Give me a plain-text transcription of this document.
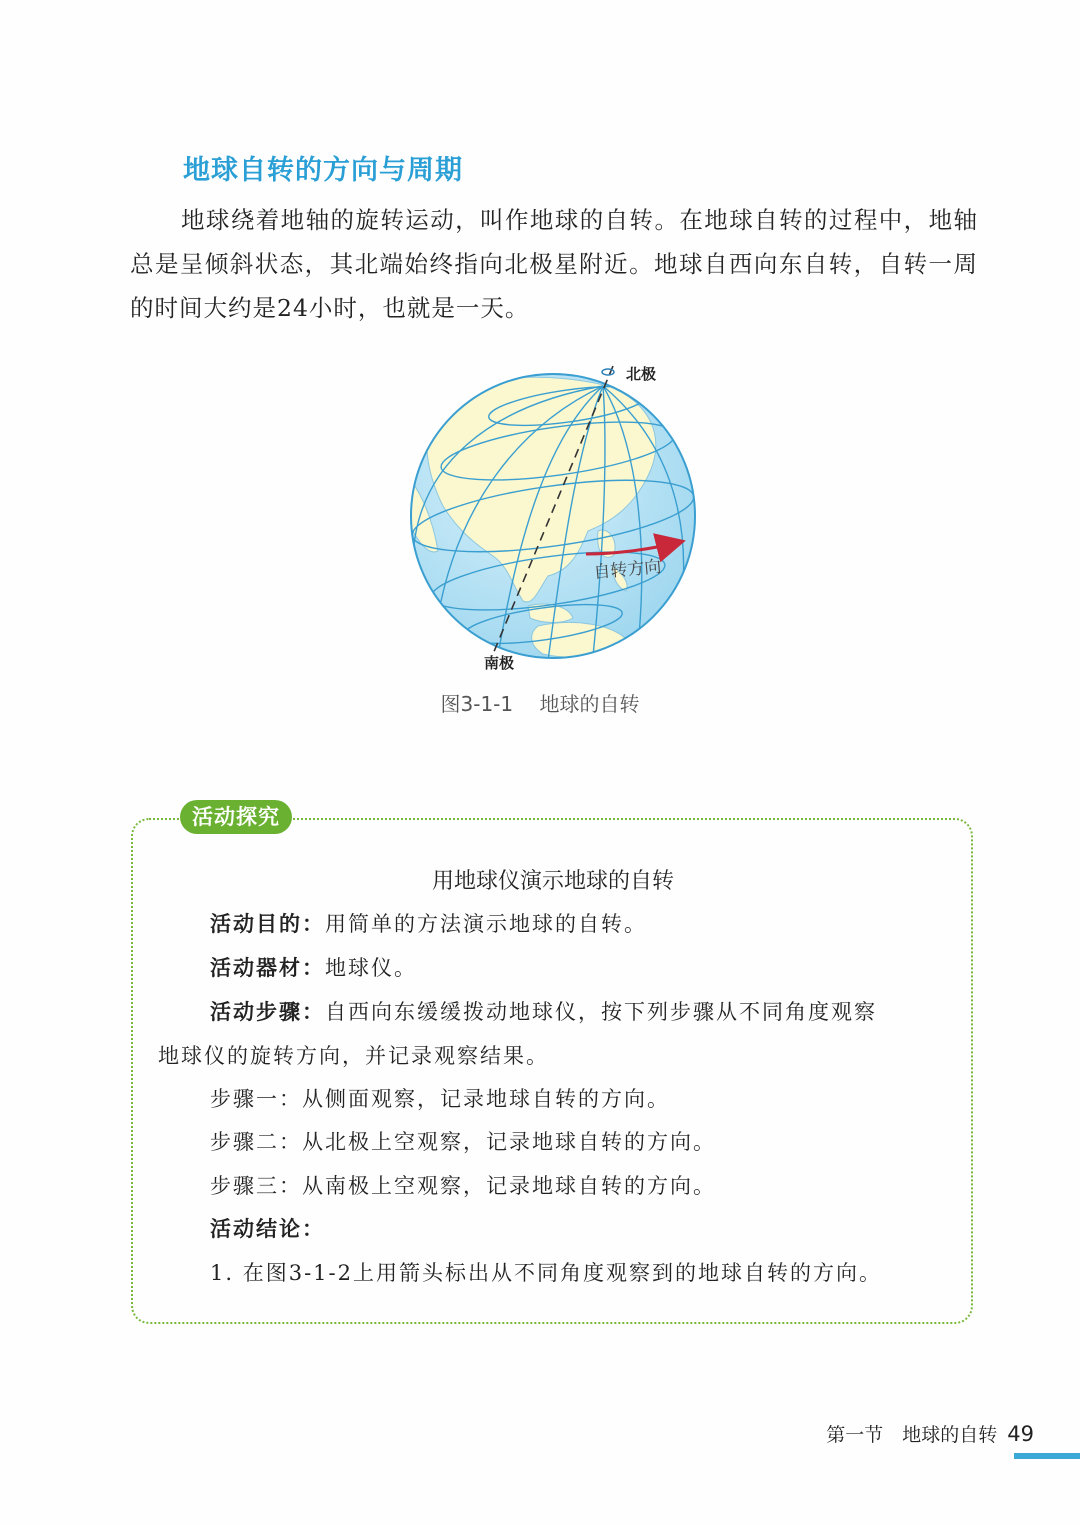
地球自转的方向与周期
地球绕着地轴的旋转运动，叫作地球的自转。在地球自转的过程中，地轴总是呈倾斜状态，其北端始终指向北极星附近。地球自西向东自转，自转一周的时间大约是24小时，也就是一天。
北极
南极
自转方向
图3-1-1 地球的自转
活动探究
用地球仪演示地球的自转
活动目的：用简单的方法演示地球的自转。
活动器材：地球仪。
活动步骤：自西向东缓缓拨动地球仪，按下列步骤从不同角度观察
地球仪的旋转方向，并记录观察结果。
步骤一：从侧面观察，记录地球自转的方向。
步骤二：从北极上空观察，记录地球自转的方向。
步骤三：从南极上空观察，记录地球自转的方向。
活动结论：
1. 在图3-1-2上用箭头标出从不同角度观察到的地球自转的方向。
第一节　地球的自转 49
